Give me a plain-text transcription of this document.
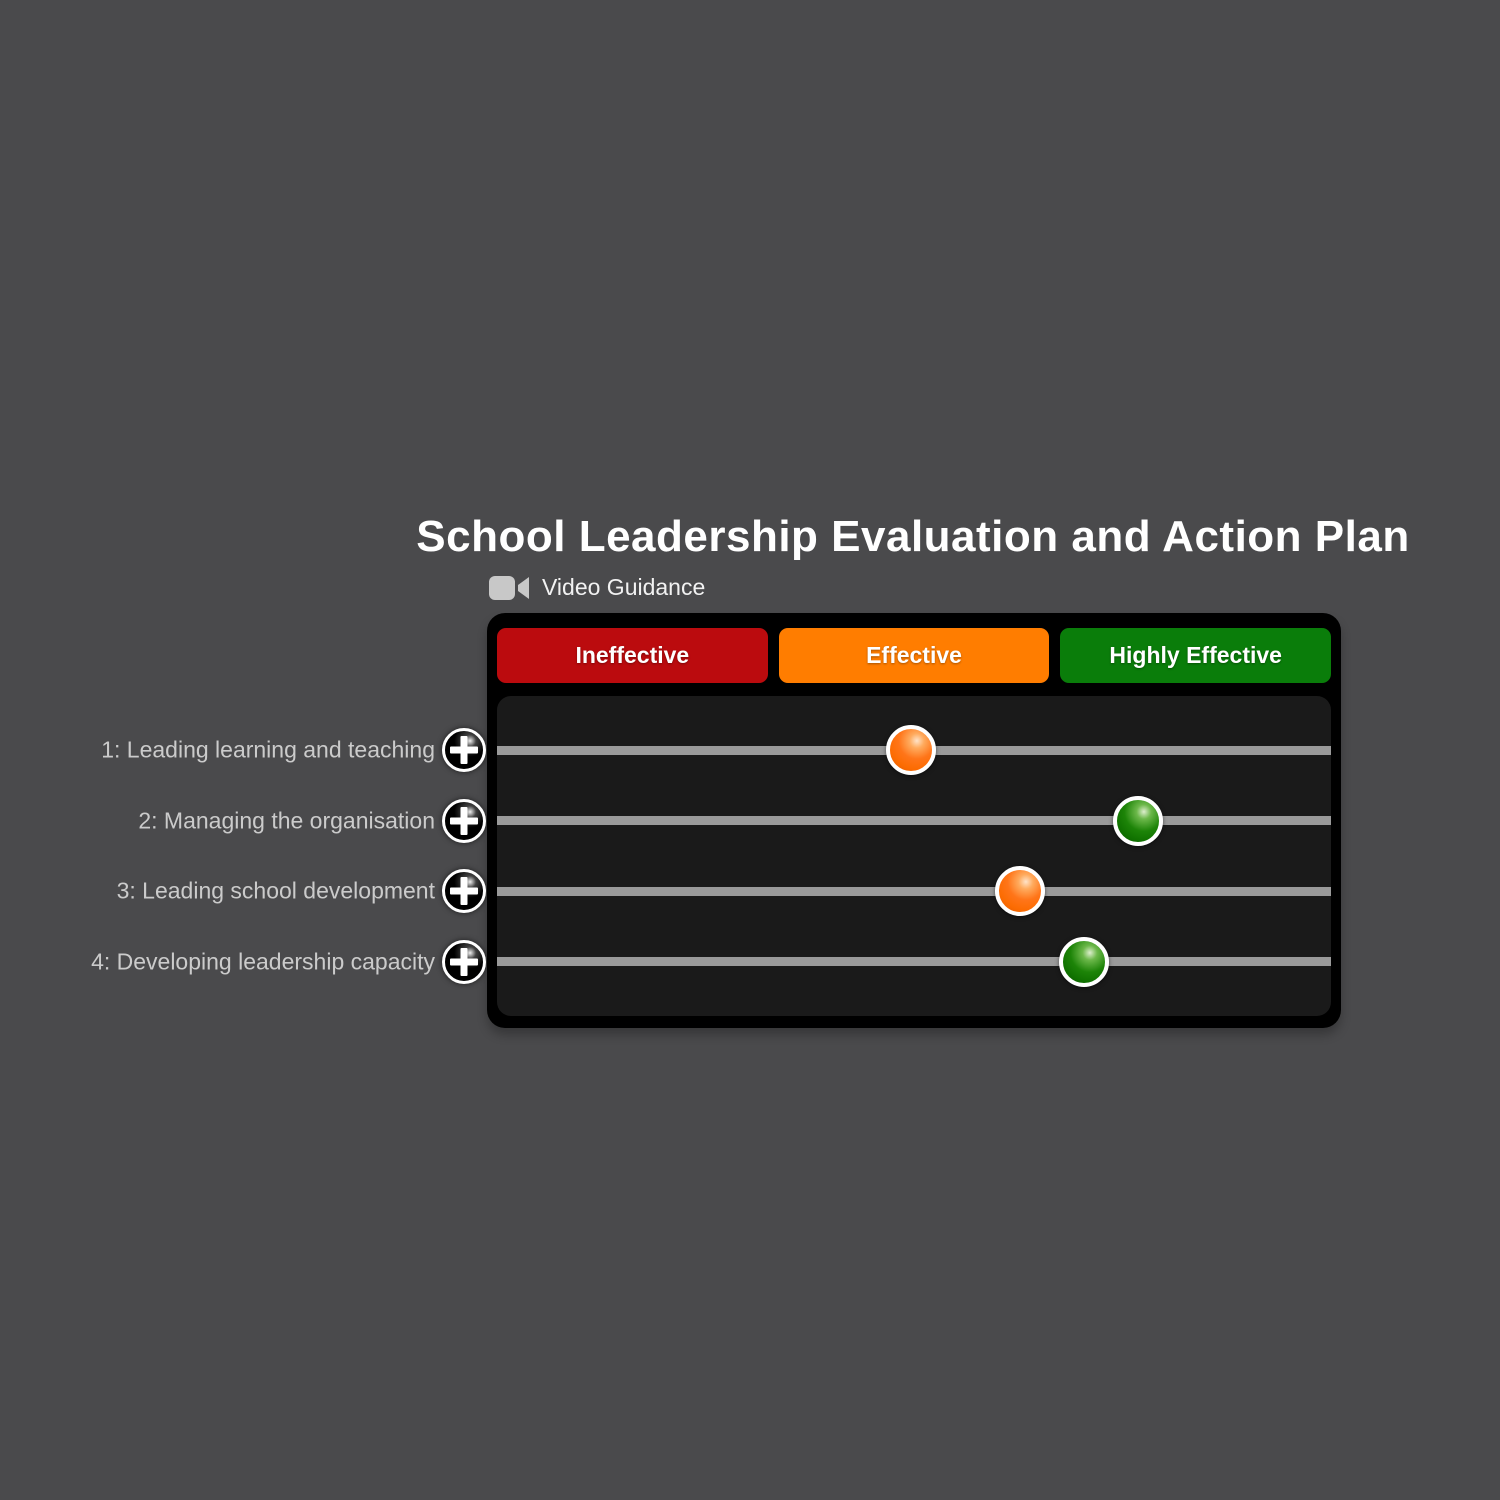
School Leadership Evaluation and Action Plan
Video Guidance
Ineffective	Effective	Highly Effective
1: Leading learning and teaching
2: Managing the organisation
3: Leading school development
4: Developing leadership capacity
